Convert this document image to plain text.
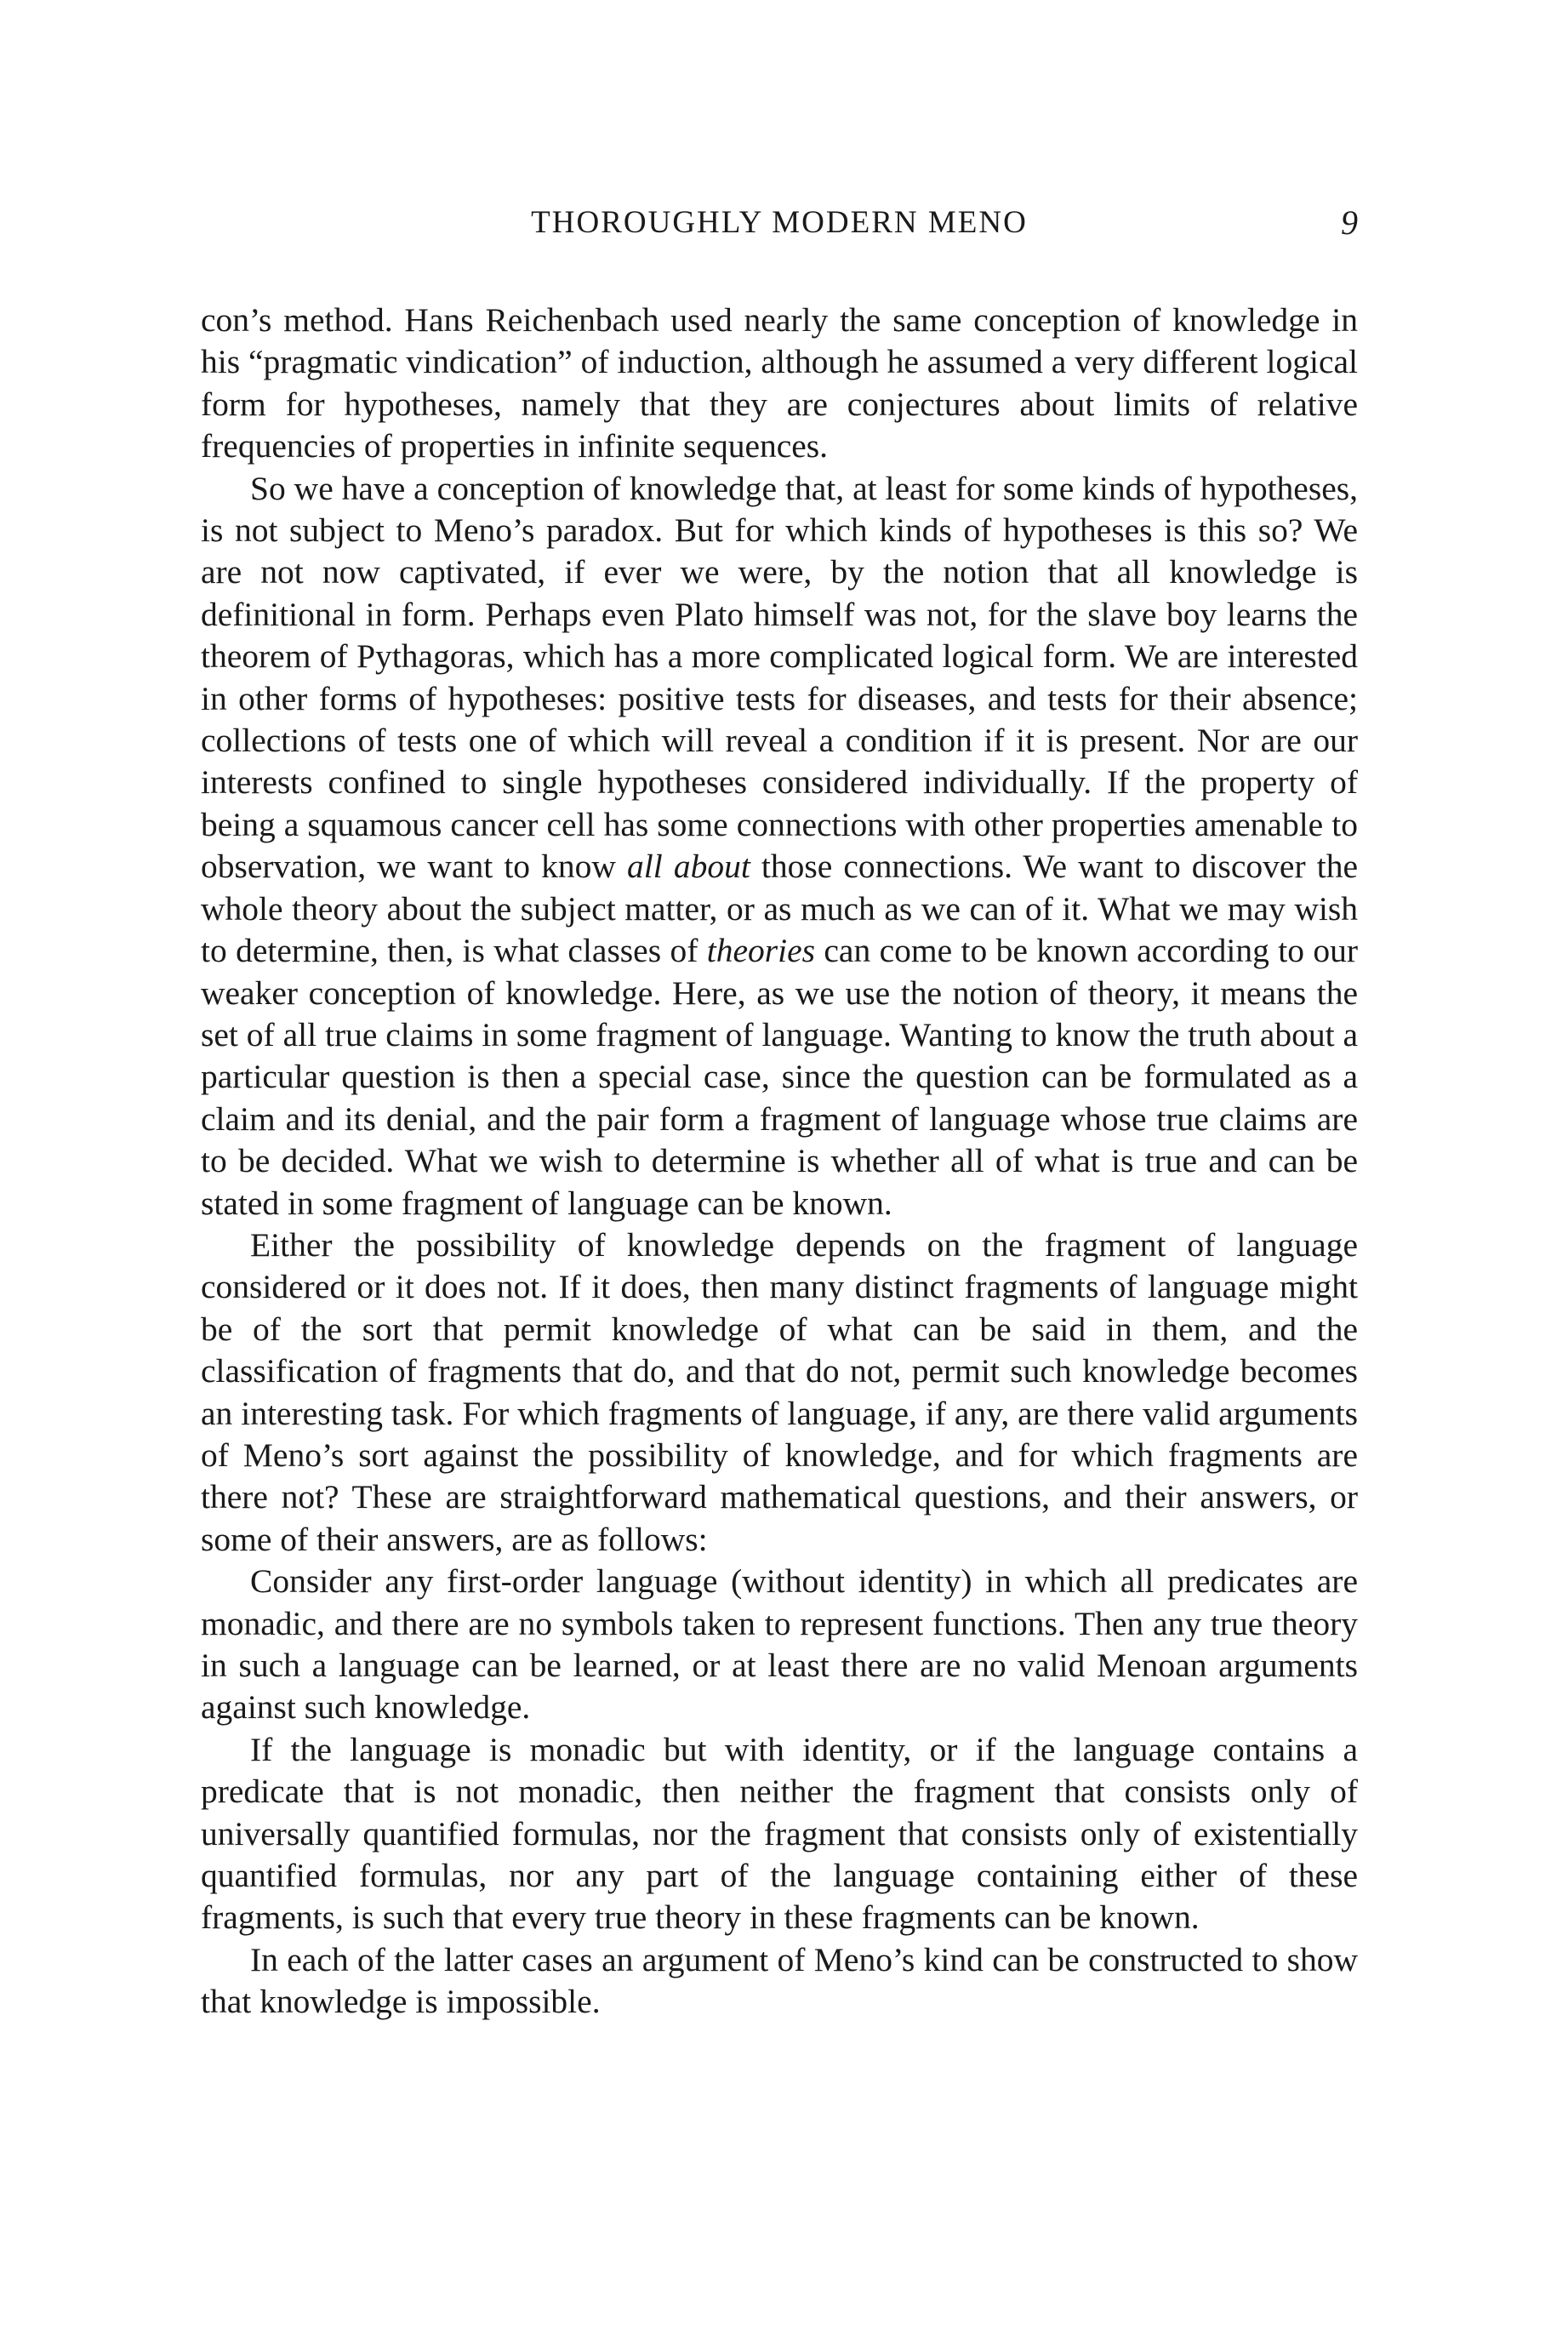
THOROUGHLY MODERN MENO	9

con’s method. Hans Reichenbach used nearly the same conception of knowledge in his “pragmatic vindication” of induction, although he assumed a very different logical form for hypotheses, namely that they are conjectures about limits of relative frequencies of properties in infinite sequences.

So we have a conception of knowledge that, at least for some kinds of hypotheses, is not subject to Meno’s paradox. But for which kinds of hypotheses is this so? We are not now captivated, if ever we were, by the notion that all knowledge is definitional in form. Perhaps even Plato himself was not, for the slave boy learns the theorem of Pythagoras, which has a more complicated logical form. We are interested in other forms of hypotheses: positive tests for diseases, and tests for their absence; collections of tests one of which will reveal a condition if it is present. Nor are our interests confined to single hypotheses considered individually. If the property of being a squamous cancer cell has some connections with other properties amenable to observation, we want to know all about those connections. We want to discover the whole theory about the subject matter, or as much as we can of it. What we may wish to determine, then, is what classes of theories can come to be known according to our weaker conception of knowledge. Here, as we use the notion of theory, it means the set of all true claims in some fragment of language. Wanting to know the truth about a particular question is then a special case, since the question can be formulated as a claim and its denial, and the pair form a fragment of language whose true claims are to be decided. What we wish to determine is whether all of what is true and can be stated in some fragment of language can be known.

Either the possibility of knowledge depends on the fragment of language considered or it does not. If it does, then many distinct fragments of language might be of the sort that permit knowledge of what can be said in them, and the classification of fragments that do, and that do not, permit such knowledge becomes an interesting task. For which fragments of language, if any, are there valid arguments of Meno’s sort against the possibility of knowledge, and for which fragments are there not? These are straightforward mathematical questions, and their answers, or some of their answers, are as follows:

Consider any first-order language (without identity) in which all predicates are monadic, and there are no symbols taken to represent functions. Then any true theory in such a language can be learned, or at least there are no valid Menoan arguments against such knowledge.

If the language is monadic but with identity, or if the language contains a predicate that is not monadic, then neither the fragment that consists only of universally quantified formulas, nor the fragment that consists only of existentially quantified formulas, nor any part of the language containing either of these fragments, is such that every true theory in these fragments can be known.

In each of the latter cases an argument of Meno’s kind can be constructed to show that knowledge is impossible.
